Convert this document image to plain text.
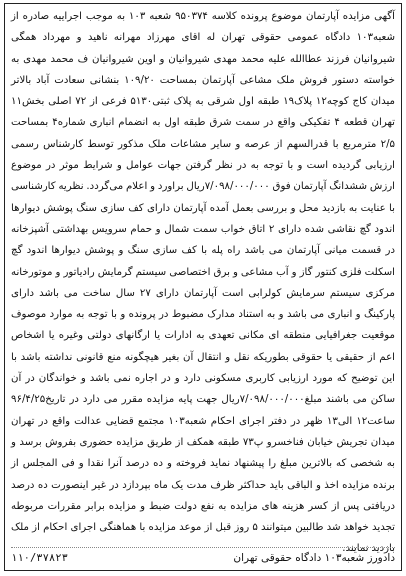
آگهی مزایده آپارتمان موضوع پرونده کلاسه ۹۵۰۳۷۴ شعبه ۱۰۳ به موجب اجراییه صادره از شعبه۱۰۳ دادگاه عمومی حقوقی تهران له اقای مهرزاد مهرانه ناهید و مهرداد همگی شیروانیان فرزند عطاالله علیه محمد مهدی شیروانیان و اوین شیروانیان ف محمد مهدی به خواسته دستور فروش ملک مشاعی آپارتمان بمساحت ۱۰۹/۲۰ بنشانی سعادت آباد بالاتر میدان کاج کوچه۱۲ پلاک۱۹ طبقه اول شرقی به پلاک ثبتی۵۱۳۰ فرعی از ۷۲ اصلی بخش۱۱ تهران قطعه ۴ تفکیکی واقع در سمت شرق طبقه اول به انضمام انباری شماره۴ بمساحت ۲/۵ مترمربع با قدرالسهم از عرصه و سایر مشاعات ملک مذکور توسط کارشناس رسمی ارزیابی گردیده است و با توجه به در نظر گرفتن جهات عوامل و شرایط موثر در موضوع ارزش ششدانگ آپارتمان فوق ۷/۰۹۸/۰۰۰/۰۰۰ریال براورد و اعلام می‌گردد. نظریه کارشناسی با عنایت به بازدید محل و بررسی بعمل آمده آپارتمان دارای کف سازی سنگ پوشش دیوارها اندود گچ نقاشی شده دارای ۲ اتاق خواب سمت شمال و حمام سرویس بهداشتی آشپزخانه در قسمت میانی آپارتمان می باشد راه پله با کف سازی سنگ و پوشش دیوارها اندود گچ اسکلت فلزی کنتور گاز و آب مشاعی و برق اختصاصی سیستم گرمایش رادیاتور و موتورخانه مرکزی سیستم سرمایش کولرابی است آپارتمان دارای ۲۷ سال ساخت می باشد دارای پارکینگ و انباری می باشد و به استناد مدارک مضبوط در پرونده و با توجه به موارد موصوف موقعیت جغرافیایی منطقه ای مکانی تعهدی به ادارات یا ارگانهای دولتی وغیره یا اشخاص اعم از حقیقی یا حقوقی بطوریکه نقل و انتقال آن بغیر هیچگونه منع قانونی نداشته باشد با این توضیح که مورد ارزیابی کاربری مسکونی دارد و در اجاره نمی باشد و خواندگان در آن ساکن می باشند مبلغ۷/۰۹۸/۰۰۰/۰۰۰ریال جهت پایه مزایده مقرر می دارد در تاریخ۹۶/۴/۲۵ ساعت۱۲ الی۱۳ ظهر در دفتر اجرای احکام شعبه۱۰۳ مجتمع قضایی عدالت واقع در تهران میدان تجریش خیابان فناخسرو پ۷۳ طبقه همکف از طریق مزایده حضوری بفروش برسد و به شخصی که بالاترین مبلغ را پیشنهاد نماید فروخته و ده درصد آنرا نقدا و فی المجلس از برنده مزایده اخذ و الباقی باید حداکثر ظرف مدت یک ماه بپردازد در غیر اینصورت ده درصد دریافتی پس از کسر هزینه های مزایده به نفع دولت ضبط و مزایده برابر مقررات مربوطه تجدید خواهد شد طالبین میتوانند ۵ روز قبل از موعد مزایده با هماهنگی اجرای احکام از ملک بازدید نمایند.

دادورز شعبه۱۰۳ دادگاه حقوقی تهران
۱۱۰/۳۷۸۲۳
